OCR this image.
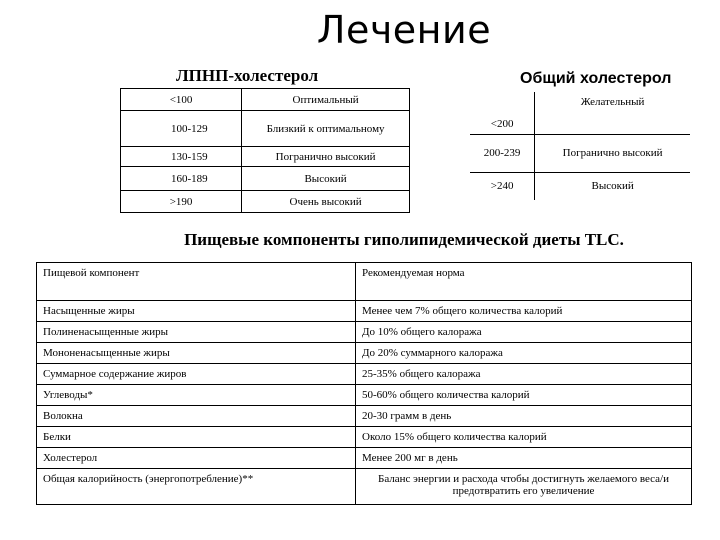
Лечение
ЛПНП-холестерол	Общий холестерол
<100	Оптимальный
100-129	Близкий к оптимальному
130-159	Погранично высокий
160-189	Высокий
>190	Очень высокий
<200	Желательный
200-239	Погранично высокий
>240	Высокий
Пищевые компоненты гиполипидемической диеты TLC.
Пищевой компонент	Рекомендуемая норма
Насыщенные жиры	Менее чем 7% общего количества калорий
Полиненасыщенные жиры	До 10% общего калоража
Мононенасыщенные жиры	До 20% суммарного калоража
Суммарное содержание жиров	25-35% общего калоража
Углеводы*	50-60% общего количества калорий
Волокна	20-30 грамм в день
Белки	Около 15% общего количества калорий
Холестерол	Менее 200 мг в день
Общая калорийность (энергопотребление)**	Баланс энергии и расхода чтобы достигнуть желаемого веса/и предотвратить его увеличение
